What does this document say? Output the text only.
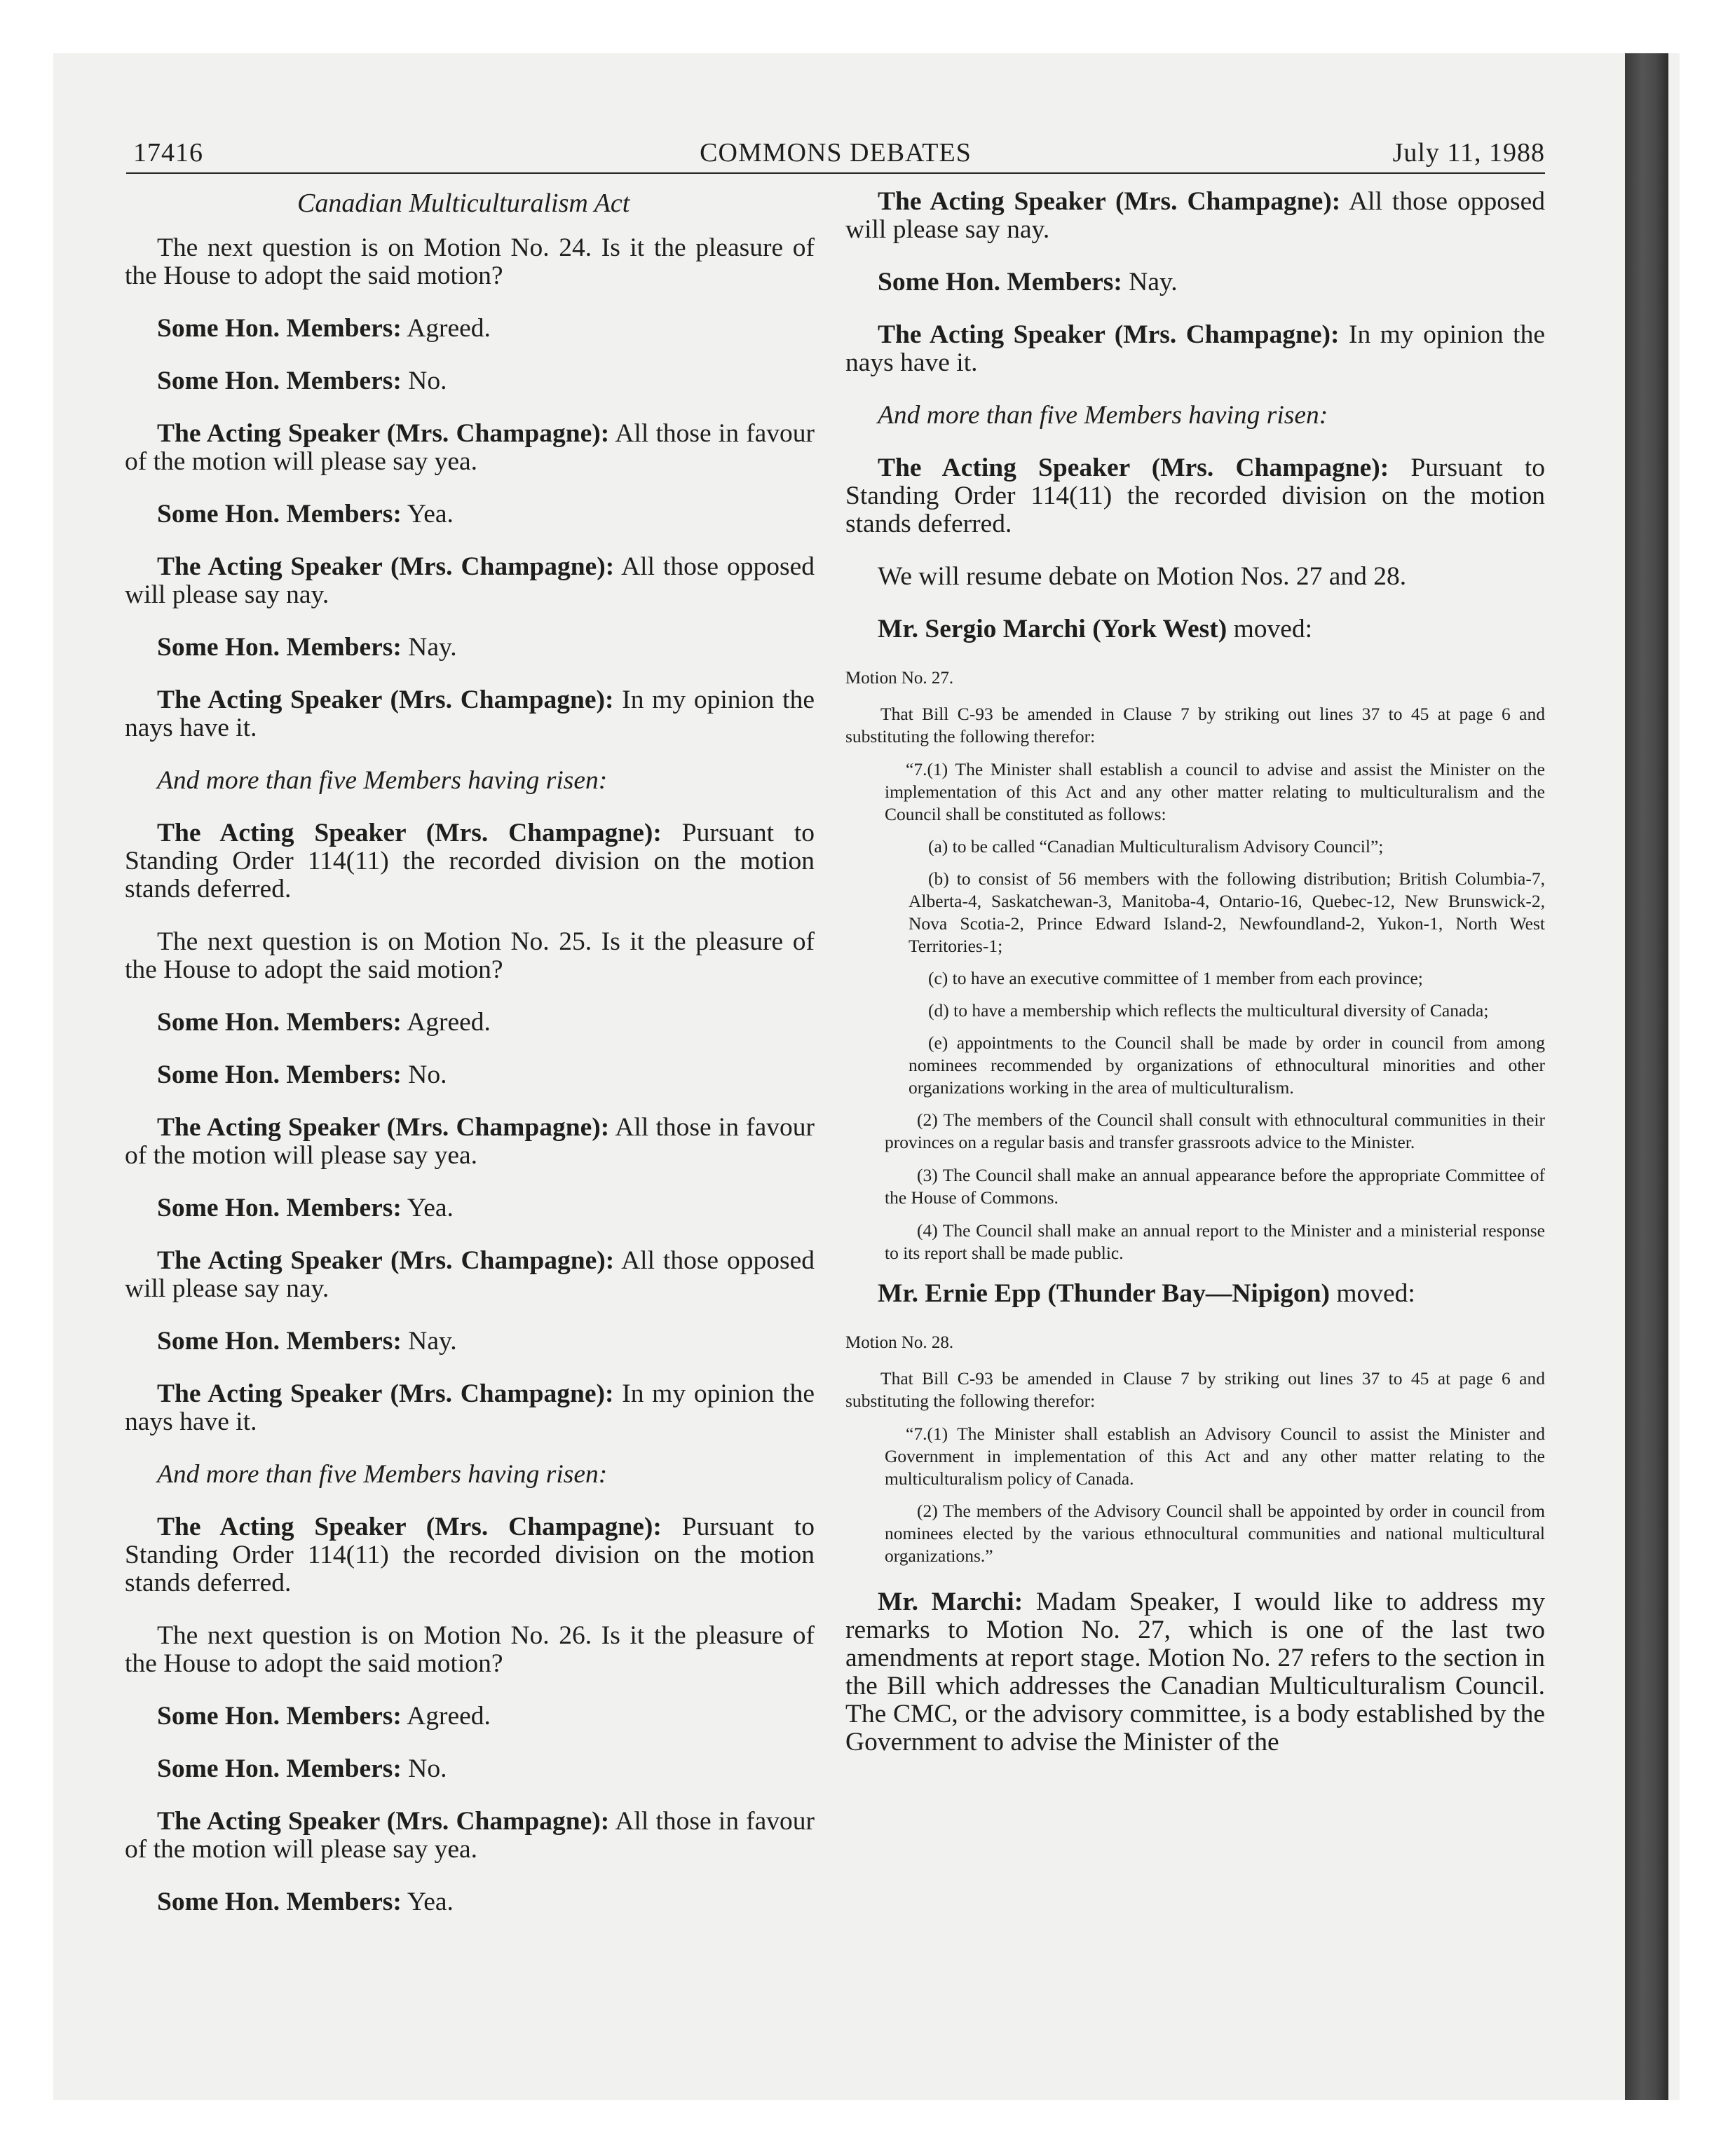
17416	COMMONS DEBATES	July 11, 1988

Canadian Multiculturalism Act

The next question is on Motion No. 24. Is it the pleasure of the House to adopt the said motion?

Some Hon. Members: Agreed.

Some Hon. Members: No.

The Acting Speaker (Mrs. Champagne): All those in favour of the motion will please say yea.

Some Hon. Members: Yea.

The Acting Speaker (Mrs. Champagne): All those opposed will please say nay.

Some Hon. Members: Nay.

The Acting Speaker (Mrs. Champagne): In my opinion the nays have it.

And more than five Members having risen:

The Acting Speaker (Mrs. Champagne): Pursuant to Standing Order 114(11) the recorded division on the motion stands deferred.

The next question is on Motion No. 25. Is it the pleasure of the House to adopt the said motion?

Some Hon. Members: Agreed.

Some Hon. Members: No.

The Acting Speaker (Mrs. Champagne): All those in favour of the motion will please say yea.

Some Hon. Members: Yea.

The Acting Speaker (Mrs. Champagne): All those opposed will please say nay.

Some Hon. Members: Nay.

The Acting Speaker (Mrs. Champagne): In my opinion the nays have it.

And more than five Members having risen:

The Acting Speaker (Mrs. Champagne): Pursuant to Standing Order 114(11) the recorded division on the motion stands deferred.

The next question is on Motion No. 26. Is it the pleasure of the House to adopt the said motion?

Some Hon. Members: Agreed.

Some Hon. Members: No.

The Acting Speaker (Mrs. Champagne): All those in favour of the motion will please say yea.

Some Hon. Members: Yea.

The Acting Speaker (Mrs. Champagne): All those opposed will please say nay.

Some Hon. Members: Nay.

The Acting Speaker (Mrs. Champagne): In my opinion the nays have it.

And more than five Members having risen:

The Acting Speaker (Mrs. Champagne): Pursuant to Standing Order 114(11) the recorded division on the motion stands deferred.

We will resume debate on Motion Nos. 27 and 28.

Mr. Sergio Marchi (York West) moved:

Motion No. 27.

That Bill C-93 be amended in Clause 7 by striking out lines 37 to 45 at page 6 and substituting the following therefor:

“7.(1) The Minister shall establish a council to advise and assist the Minister on the implementation of this Act and any other matter relating to multiculturalism and the Council shall be constituted as follows:

(a) to be called “Canadian Multiculturalism Advisory Council”;

(b) to consist of 56 members with the following distribution; British Columbia-7, Alberta-4, Saskatchewan-3, Manitoba-4, Ontario-16, Quebec-12, New Brunswick-2, Nova Scotia-2, Prince Edward Island-2, Newfoundland-2, Yukon-1, North West Territories-1;

(c) to have an executive committee of 1 member from each province;

(d) to have a membership which reflects the multicultural diversity of Canada;

(e) appointments to the Council shall be made by order in council from among nominees recommended by organizations of ethnocultural minorities and other organizations working in the area of multiculturalism.

(2) The members of the Council shall consult with ethnocultural communities in their provinces on a regular basis and transfer grassroots advice to the Minister.

(3) The Council shall make an annual appearance before the appropriate Committee of the House of Commons.

(4) The Council shall make an annual report to the Minister and a ministerial response to its report shall be made public.

Mr. Ernie Epp (Thunder Bay—Nipigon) moved:

Motion No. 28.

That Bill C-93 be amended in Clause 7 by striking out lines 37 to 45 at page 6 and substituting the following therefor:

“7.(1) The Minister shall establish an Advisory Council to assist the Minister and Government in implementation of this Act and any other matter relating to the multiculturalism policy of Canada.

(2) The members of the Advisory Council shall be appointed by order in council from nominees elected by the various ethnocultural communities and national multicultural organizations.”

Mr. Marchi: Madam Speaker, I would like to address my remarks to Motion No. 27, which is one of the last two amendments at report stage. Motion No. 27 refers to the section in the Bill which addresses the Canadian Multiculturalism Council. The CMC, or the advisory committee, is a body established by the Government to advise the Minister of the
